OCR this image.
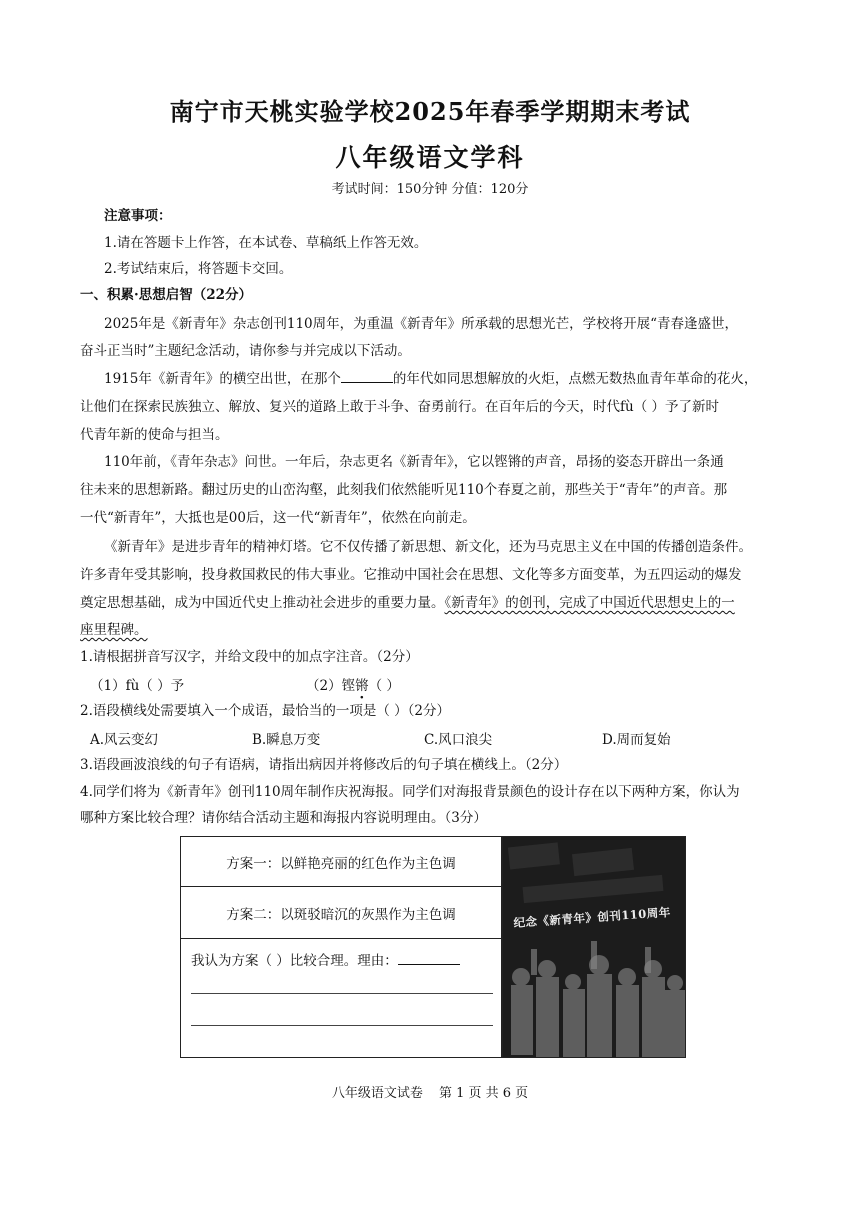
南宁市天桃实验学校2025年春季学期期末考试
八年级语文学科
考试时间：150分钟 分值：120分
注意事项：
1.请在答题卡上作答，在本试卷、草稿纸上作答无效。
2.考试结束后，将答题卡交回。
一、积累·思想启智（22分）
2025年是《新青年》杂志创刊110周年，为重温《新青年》所承载的思想光芒，学校将开展“青春逢盛世，
奋斗正当时”主题纪念活动，请你参与并完成以下活动。
1915年《新青年》的横空出世，在那个	的年代如同思想解放的火炬，点燃无数热血青年革命的花火，
让他们在探索民族独立、解放、复兴的道路上敢于斗争、奋勇前行。在百年后的今天，时代fù（ ）予了新时
代青年新的使命与担当。
110年前，《青年杂志》问世。一年后，杂志更名《新青年》，它以铿锵的声音，昂扬的姿态开辟出一条通
往未来的思想新路。翻过历史的山峦沟壑，此刻我们依然能听见110个春夏之前，那些关于“青年”的声音。那
一代“新青年”，大抵也是00后，这一代“新青年”，依然在向前走。
《新青年》是进步青年的精神灯塔。它不仅传播了新思想、新文化，还为马克思主义在中国的传播创造条件。
许多青年受其影响，投身救国救民的伟大事业。它推动中国社会在思想、文化等多方面变革，为五四运动的爆发
奠定思想基础，成为中国近代史上推动社会进步的重要力量。《新青年》的创刊，完成了中国近代思想史上的一
座里程碑。
1.请根据拼音写汉字，并给文段中的加点字注音。（2分）
（1）fù（ ）予	（2）铿锵（ ）
2.语段横线处需要填入一个成语，最恰当的一项是（ ）（2分）
A.风云变幻	B.瞬息万变	C.风口浪尖	D.周而复始
3.语段画波浪线的句子有语病，请指出病因并将修改后的句子填在横线上。（2分）
4.同学们将为《新青年》创刊110周年制作庆祝海报。同学们对海报背景颜色的设计存在以下两种方案，你认为
哪种方案比较合理？请你结合活动主题和海报内容说明理由。（3分）
方案一：以鲜艳亮丽的红色作为主色调
方案二：以斑驳暗沉的灰黑作为主色调
我认为方案（ ）比较合理。理由：
纪念《新青年》创刊110周年
八年级语文试卷 第 1 页 共 6 页
